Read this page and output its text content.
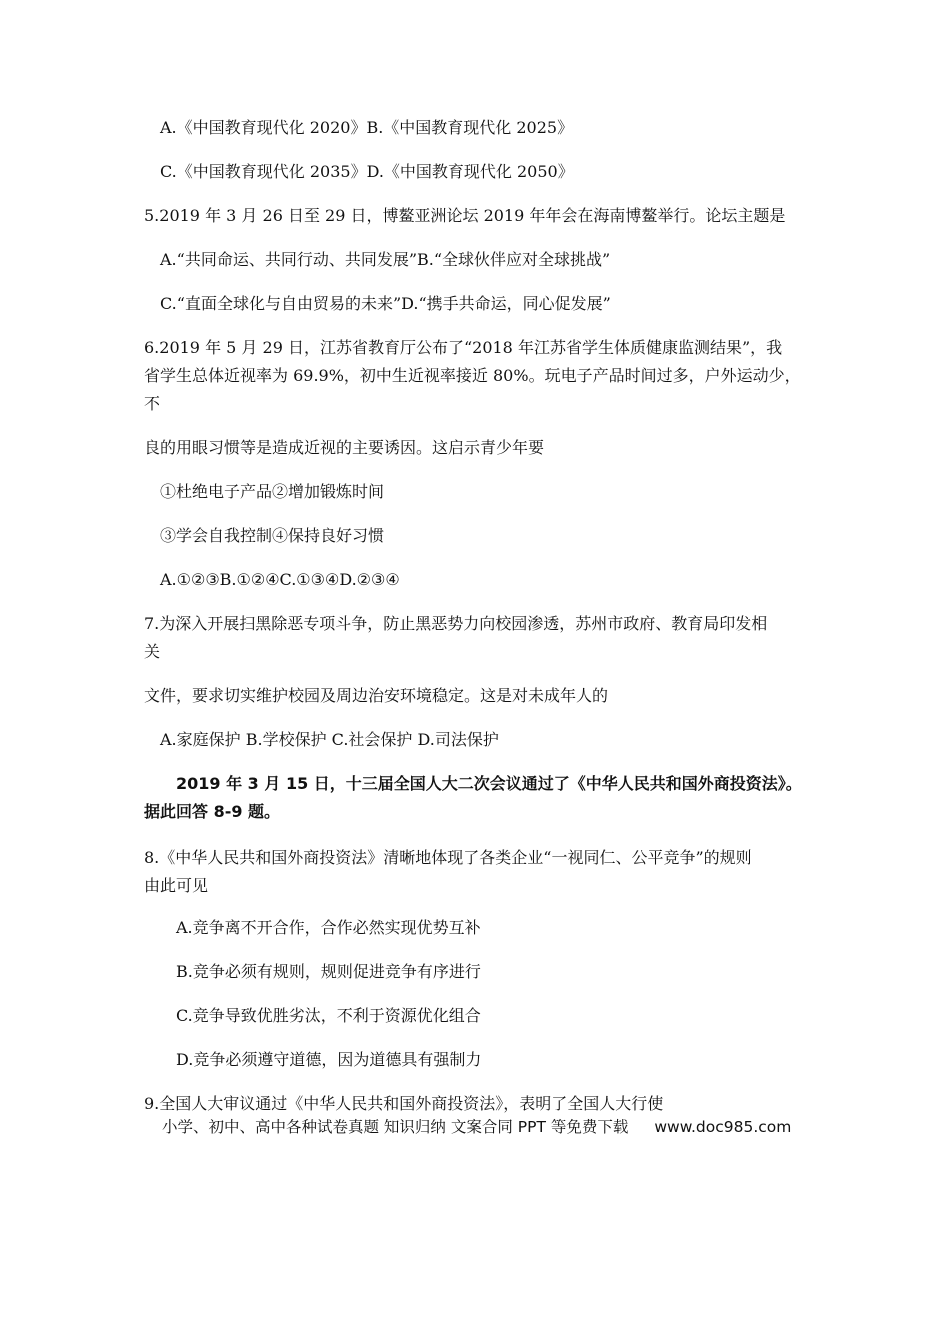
A.《中国教育现代化 2020》B.《中国教育现代化 2025》
C.《中国教育现代化 2035》D.《中国教育现代化 2050》
5.2019 年 3 月 26 日至 29 日，博鳌亚洲论坛 2019 年年会在海南博鳌举行。论坛主题是
A.“共同命运、共同行动、共同发展”B.“全球伙伴应对全球挑战”
C.“直面全球化与自由贸易的未来”D.“携手共命运，同心促发展”
6.2019 年 5 月 29 日，江苏省教育厅公布了“2018 年江苏省学生体质健康监测结果”，我
省学生总体近视率为 69.9%，初中生近视率接近 80%。玩电子产品时间过多，户外运动少，
不
良的用眼习惯等是造成近视的主要诱因。这启示青少年要
①杜绝电子产品②增加锻炼时间
③学会自我控制④保持良好习惯
A.①②③B.①②④C.①③④D.②③④
7.为深入开展扫黑除恶专项斗争，防止黑恶势力向校园渗透，苏州市政府、教育局印发相
关
文件，要求切实维护校园及周边治安环境稳定。这是对未成年人的
A.家庭保护 B.学校保护 C.社会保护 D.司法保护
2019 年 3 月 15 日，十三届全国人大二次会议通过了《中华人民共和国外商投资法》。
据此回答 8-9 题。
8.《中华人民共和国外商投资法》清晰地体现了各类企业“一视同仁、公平竞争”的规则
由此可见
A.竞争离不开合作，合作必然实现优势互补
B.竞争必须有规则，规则促进竞争有序进行
C.竞争导致优胜劣汰，不利于资源优化组合
D.竞争必须遵守道德，因为道德具有强制力
9.全国人大审议通过《中华人民共和国外商投资法》，表明了全国人大行使
小学、初中、高中各种试卷真题 知识归纳 文案合同 PPT 等免费下载 www.doc985.com
